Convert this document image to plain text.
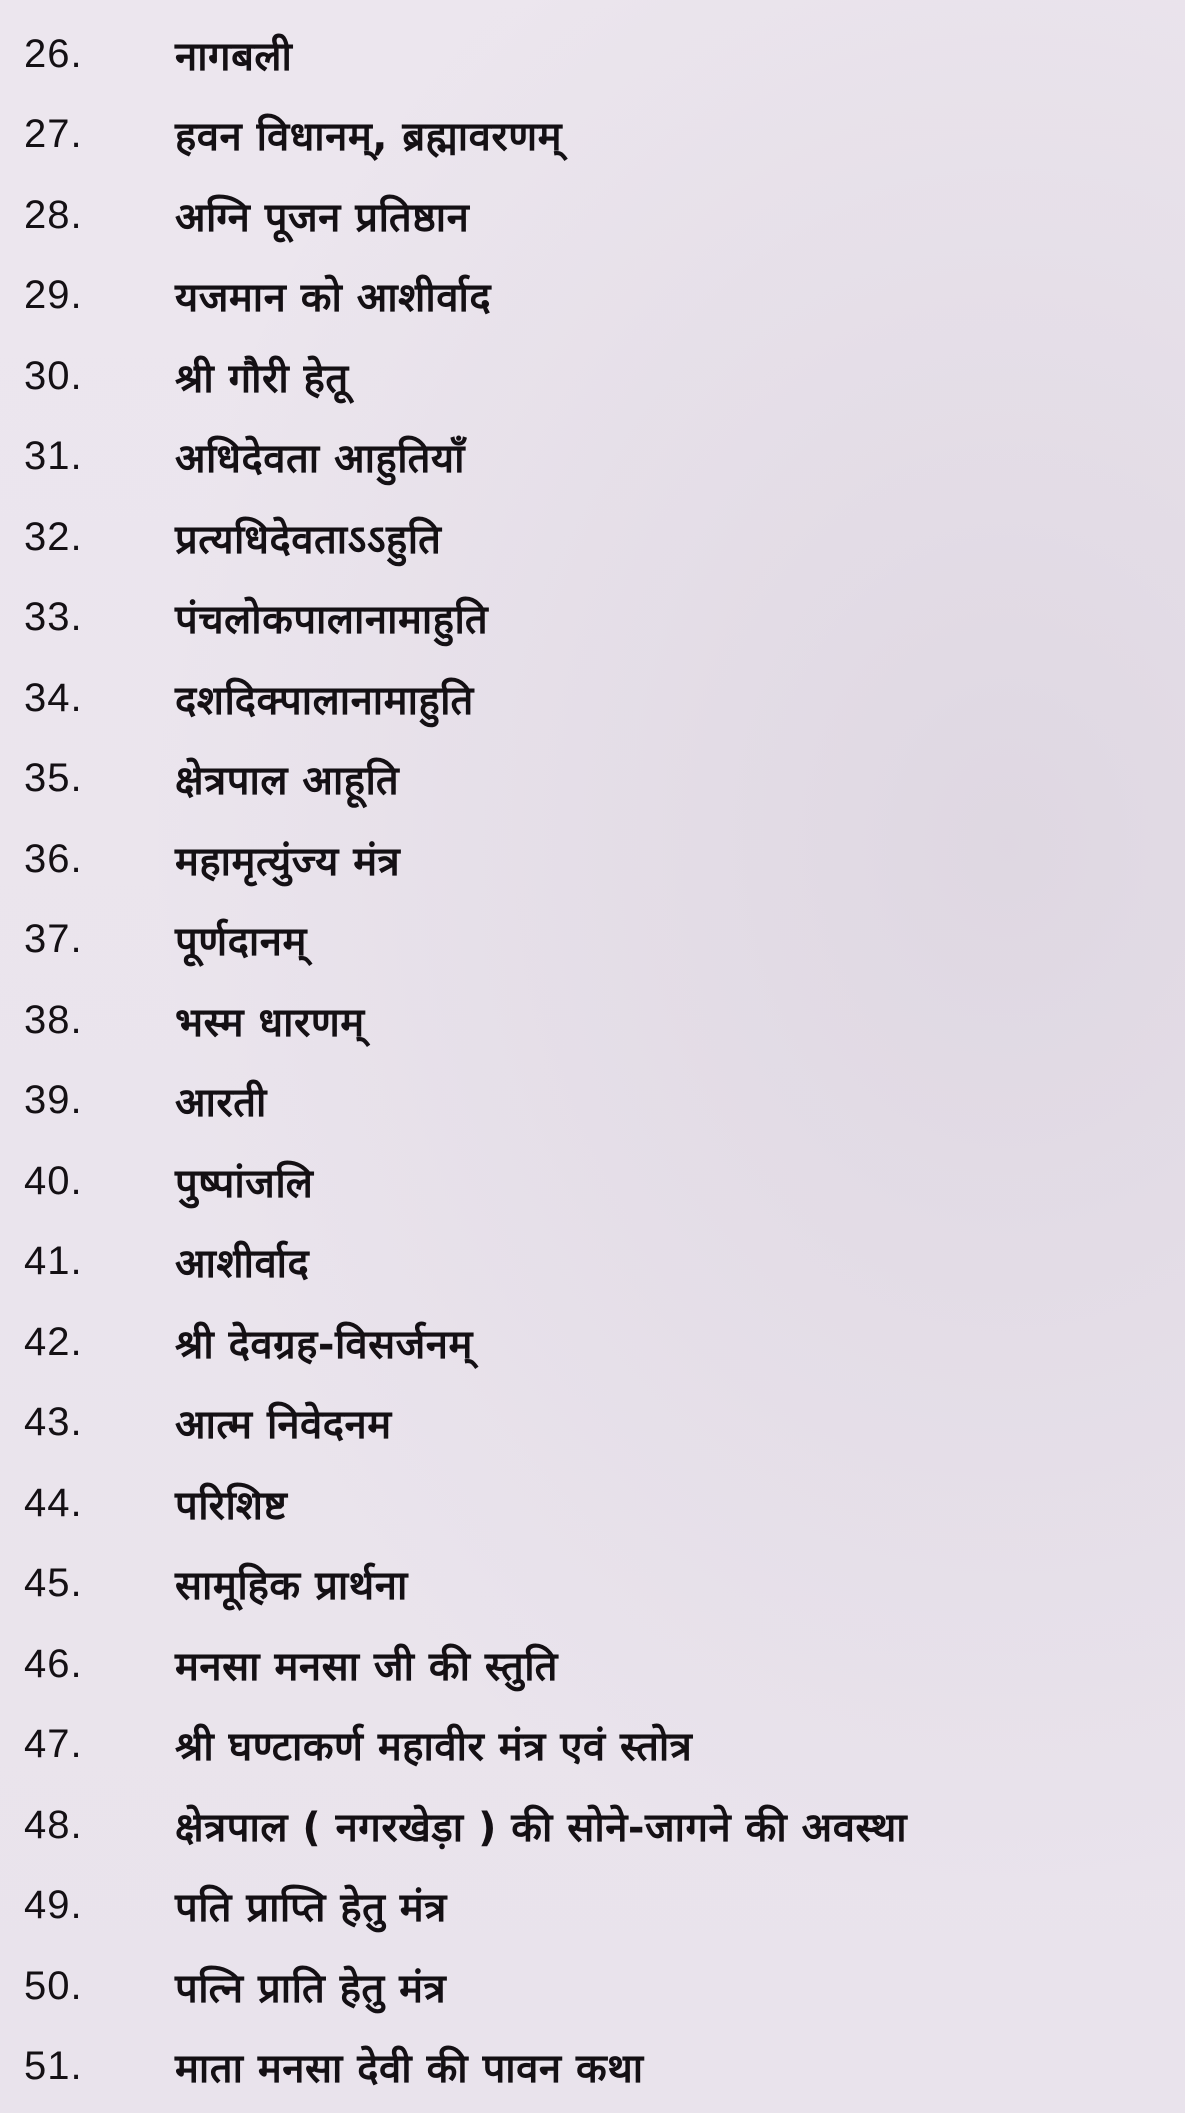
26.	नागबली
27.	हवन विधानम्, ब्रह्मावरणम्
28.	अग्नि पूजन प्रतिष्ठान
29.	यजमान को आशीर्वाद
30.	श्री गौरी हेतू
31.	अधिदेवता आहुतियाँ
32.	प्रत्यधिदेवताऽऽहुति
33.	पंचलोकपालानामाहुति
34.	दशदिक्पालानामाहुति
35.	क्षेत्रपाल आहूति
36.	महामृत्युंज्य मंत्र
37.	पूर्णदानम्
38.	भस्म धारणम्
39.	आरती
40.	पुष्पांजलि
41.	आशीर्वाद
42.	श्री देवग्रह-विसर्जनम्
43.	आत्म निवेदनम
44.	परिशिष्ट
45.	सामूहिक प्रार्थना
46.	मनसा मनसा जी की स्तुति
47.	श्री घण्टाकर्ण महावीर मंत्र एवं स्तोत्र
48.	क्षेत्रपाल ( नगरखेड़ा ) की सोने-जागने की अवस्था
49.	पति प्राप्ति हेतु मंत्र
50.	पत्नि प्राति हेतु मंत्र
51.	माता मनसा देवी की पावन कथा
